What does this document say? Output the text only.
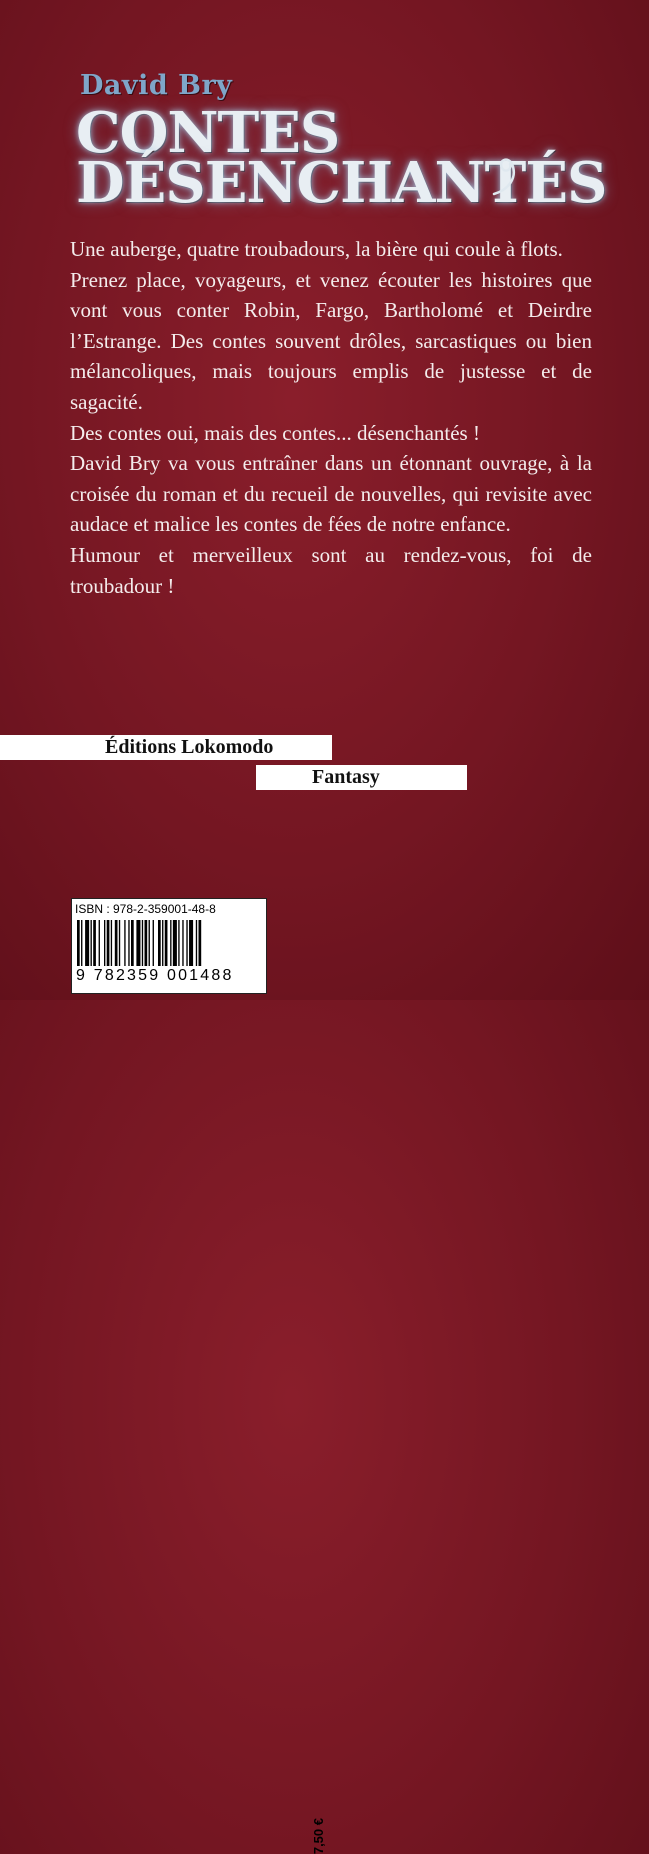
David Bry
CONTES
DÉSENCHANTÉS

Une auberge, quatre troubadours, la bière qui coule à flots.

Prenez place, voyageurs, et venez écouter les histoires que vont vous conter Robin, Fargo, Bartholomé et Deirdre l’Estrange. Des contes souvent drôles, sarcastiques ou bien mélancoliques, mais toujours emplis de justesse et de sagacité.

Des contes oui, mais des contes... désenchantés !

David Bry va vous entraîner dans un étonnant ouvrage, à la croisée du roman et du recueil de nouvelles, qui revisite avec audace et malice les contes de fées de notre enfance.

Humour et merveilleux sont au rendez-vous, foi de troubadour !

Éditions Lokomodo
Fantasy
ISBN : 978-2-359001-48-8
9 782359 001488
7,50 €
